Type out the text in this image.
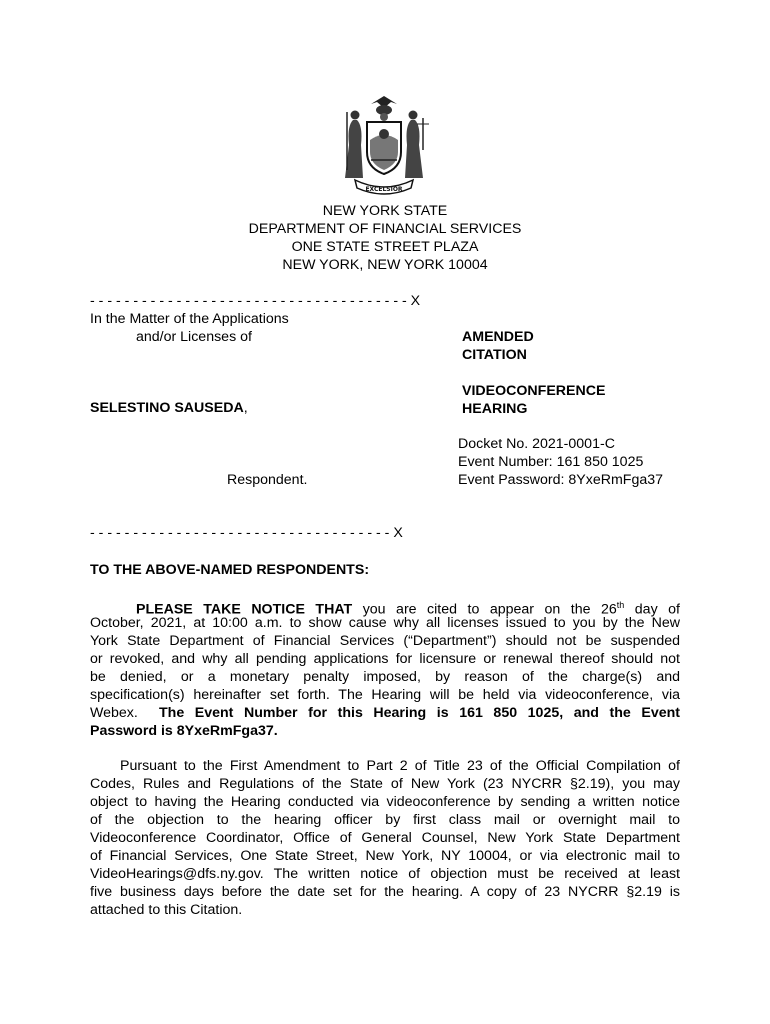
EXCELSIOR
NEW YORK STATE
DEPARTMENT OF FINANCIAL SERVICES
ONE STATE STREET PLAZA
NEW YORK, NEW YORK 10004
- - - - - - - - - - - - - - - - - - - - - - - - - - - - - - - - - - - - - X
In the Matter of the Applications
and/or Licenses of
SELESTINO SAUSEDA,
Respondent.
- - - - - - - - - - - - - - - - - - - - - - - - - - - - - - - - - - - X
AMENDED
CITATION
VIDEOCONFERENCE
HEARING
Docket No. 2021-0001-C
Event Number: 161 850 1025
Event Password: 8YxeRmFga37
TO THE ABOVE-NAMED RESPONDENTS:
PLEASE TAKE NOTICE THAT you are cited to appear on the 26th day of
October, 2021, at 10:00 a.m. to show cause why all licenses issued to you by the New
York State Department of Financial Services (“Department”) should not be suspended
or revoked, and why all pending applications for licensure or renewal thereof should not
be denied, or a monetary penalty imposed, by reason of the charge(s) and
specification(s) hereinafter set forth. The Hearing will be held via videoconference, via
Webex. The Event Number for this Hearing is 161 850 1025, and the Event
Password is 8YxeRmFga37.
Pursuant to the First Amendment to Part 2 of Title 23 of the Official Compilation of
Codes, Rules and Regulations of the State of New York (23 NYCRR §2.19), you may
object to having the Hearing conducted via videoconference by sending a written notice
of the objection to the hearing officer by first class mail or overnight mail to
Videoconference Coordinator, Office of General Counsel, New York State Department
of Financial Services, One State Street, New York, NY 10004, or via electronic mail to
VideoHearings@dfs.ny.gov. The written notice of objection must be received at least
five business days before the date set for the hearing. A copy of 23 NYCRR §2.19 is
attached to this Citation.
